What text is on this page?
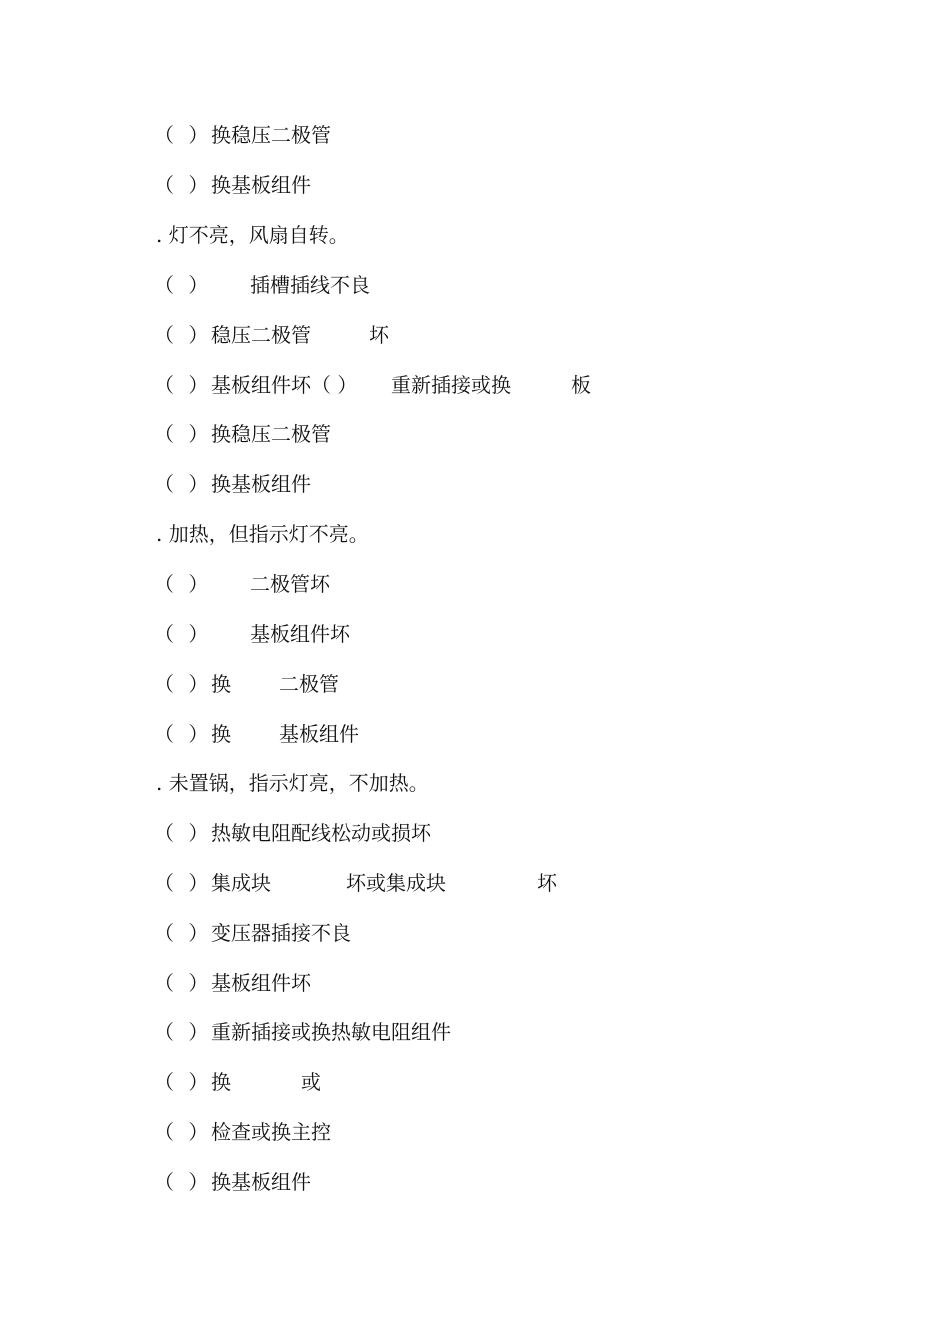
（ ）
换稳压二极管
（ ）
换基板组件
. 灯不亮，风扇自转。
（ ） 插槽插线不良
（ ）
稳压二极管	坏
（ ）
基板组件坏（ ） 重新插接或换	板
（ ）
换稳压二极管
（ ）
换基板组件
. 加热，但指示灯不亮。
（ ） 二极管坏
（ ） 基板组件坏
（ ）
换 二极管
（ ）
换 基板组件
. 未置锅，指示灯亮，不加热。
（ ）
热敏电阻配线松动或损坏
（ ）
集成块	坏或集成块	坏
（ ）
变压器插接不良
（ ）
基板组件坏
（ ）
重新插接或换热敏电阻组件
（ ）
换	或
（ ）
检查或换主控
（ ）
换基板组件
